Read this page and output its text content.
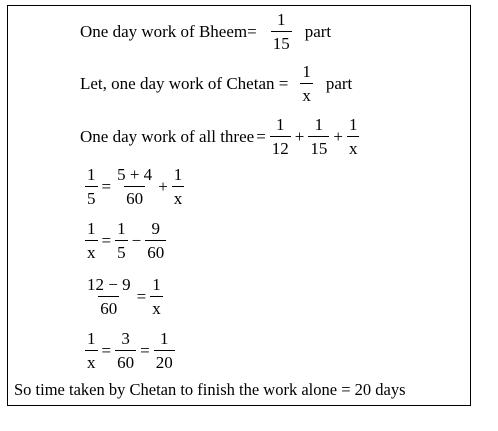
One day work of Bheem= $\frac{1}{15}$ part
Let, one day work of $Chetan = \frac{1}{x}$ part
One day work of all three = $\frac{1}{12} + \frac{1}{15} + \frac{1}{x}$
$\frac{1}{5} = \frac{5 + 4}{60} + \frac{1}{x}$
$\frac{1}{x} = \frac{1}{5} - \frac{9}{60}$
$\frac{12 - 9}{60} = \frac{1}{x}$
$\frac{1}{x} = \frac{3}{60} = \frac{1}{20}$
So time taken by Chetan to finish the work alone = 20 days
